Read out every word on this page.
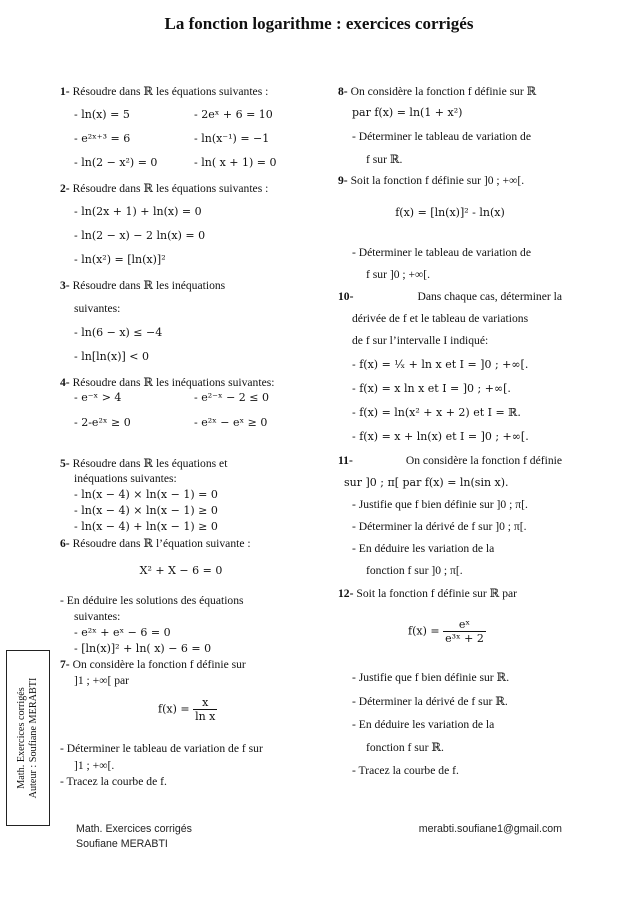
La fonction logarithme : exercices corrigés
1- Résoudre dans ℝ les équations suivantes :
- ln(x) = 5	- 2eˣ + 6 = 10
- e²ˣ⁺³ = 6	- ln(x⁻¹) = −1
- ln(2 − x²) = 0	- ln( x + 1) = 0
2- Résoudre dans ℝ les équations suivantes :
- ln(2x + 1) + ln(x) = 0
- ln(2 − x) − 2 ln(x) = 0
- ln(x²) = [ln(x)]²
3- Résoudre dans ℝ les inéquations
suivantes:
- ln(6 − x) ≤ −4
- ln[ln(x)] < 0
4- Résoudre dans ℝ les inéquations suivantes:
- e⁻ˣ > 4	- e²⁻ˣ − 2 ≤ 0
- 2-e²ˣ ≥ 0	- e²ˣ − eˣ ≥ 0
5- Résoudre dans ℝ les équations et
inéquations suivantes:
- ln(x − 4) × ln(x − 1) = 0
- ln(x − 4) × ln(x − 1) ≥ 0
- ln(x − 4) + ln(x − 1) ≥ 0
6- Résoudre dans ℝ l’équation suivante :
X² + X − 6 = 0
- En déduire les solutions des équations
suivantes:
- e²ˣ + eˣ − 6 = 0
- [ln(x)]² + ln( x) − 6 = 0
7- On considère la fonction f définie sur
]1 ; +∞[ par
$f(x) = \frac{x}{\text{ln x}}$
- Déterminer le tableau de variation de f sur
]1 ; +∞[.
- Tracez la courbe de f.
8- On considère la fonction f définie sur ℝ
par f(x) = ln(1 + x²)
- Déterminer le tableau de variation de
f sur ℝ.
9- Soit la fonction f définie sur ]0 ; +∞[.
f(x) = [ln(x)]² - ln(x)
- Déterminer le tableau de variation de
f sur ]0 ; +∞[.
10-	Dans chaque cas, déterminer la
dérivée de f et le tableau de variations
de f sur l’intervalle I indiqué:
- f(x) = ¹⁄ₓ + ln x et I = ]0 ; +∞[.
- f(x) = x ln x et I = ]0 ; +∞[.
- f(x) = ln(x² + x + 2) et I = ℝ.
- f(x) = x + ln(x) et I = ]0 ; +∞[.
11-	On considère la fonction f définie
sur ]0 ; π[ par f(x) = ln(sin x).
- Justifie que f bien définie sur ]0 ; π[.
- Déterminer la dérivé de f sur ]0 ; π[.
- En déduire les variation de la
fonction f sur ]0 ; π[.
12- Soit la fonction f définie sur ℝ par
$f(x) = \frac{\text{eˣ}}{\text{e³ˣ + 2}}$
- Justifie que f bien définie sur ℝ.
- Déterminer la dérivé de f sur ℝ.
- En déduire les variation de la
fonction f sur ℝ.
- Tracez la courbe de f.
Math. Exercices corrigés Auteur : Soufiane MERABTI
Math. Exercices corrigés
Soufiane MERABTI
merabti.soufiane1@gmail.com
